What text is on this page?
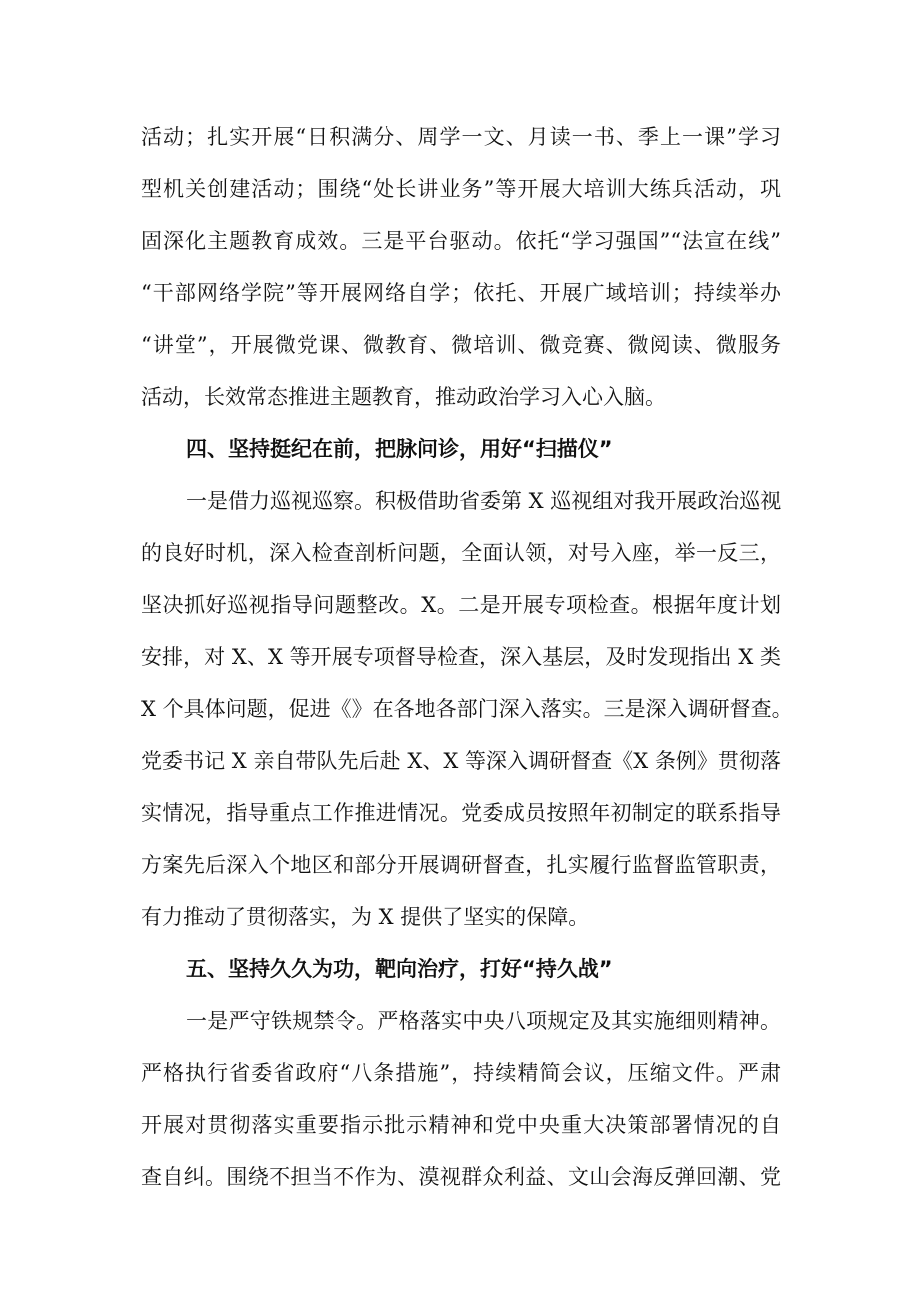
活动；扎实开展“日积满分、周学一文、月读一书、季上一课”学习
型机关创建活动；围绕“处长讲业务”等开展大培训大练兵活动，巩
固深化主题教育成效。三是平台驱动。依托“学习强国”“法宣在线”
“干部网络学院”等开展网络自学；依托、开展广域培训；持续举办
“讲堂”，开展微党课、微教育、微培训、微竞赛、微阅读、微服务
活动，长效常态推进主题教育，推动政治学习入心入脑。
四、坚持挺纪在前，把脉问诊，用好“扫描仪”
一是借力巡视巡察。积极借助省委第 X 巡视组对我开展政治巡视
的良好时机，深入检查剖析问题，全面认领，对号入座，举一反三，
坚决抓好巡视指导问题整改。X。二是开展专项检查。根据年度计划
安排，对 X、X 等开展专项督导检查，深入基层，及时发现指出 X 类
X 个具体问题，促进《》在各地各部门深入落实。三是深入调研督查。
党委书记 X 亲自带队先后赴 X、X 等深入调研督查《X 条例》贯彻落
实情况，指导重点工作推进情况。党委成员按照年初制定的联系指导
方案先后深入个地区和部分开展调研督查，扎实履行监督监管职责，
有力推动了贯彻落实，为 X 提供了坚实的保障。
五、坚持久久为功，靶向治疗，打好“持久战”
一是严守铁规禁令。严格落实中央八项规定及其实施细则精神。
严格执行省委省政府“八条措施”，持续精简会议，压缩文件。严肃
开展对贯彻落实重要指示批示精神和党中央重大决策部署情况的自
查自纠。围绕不担当不作为、漠视群众利益、文山会海反弹回潮、党
